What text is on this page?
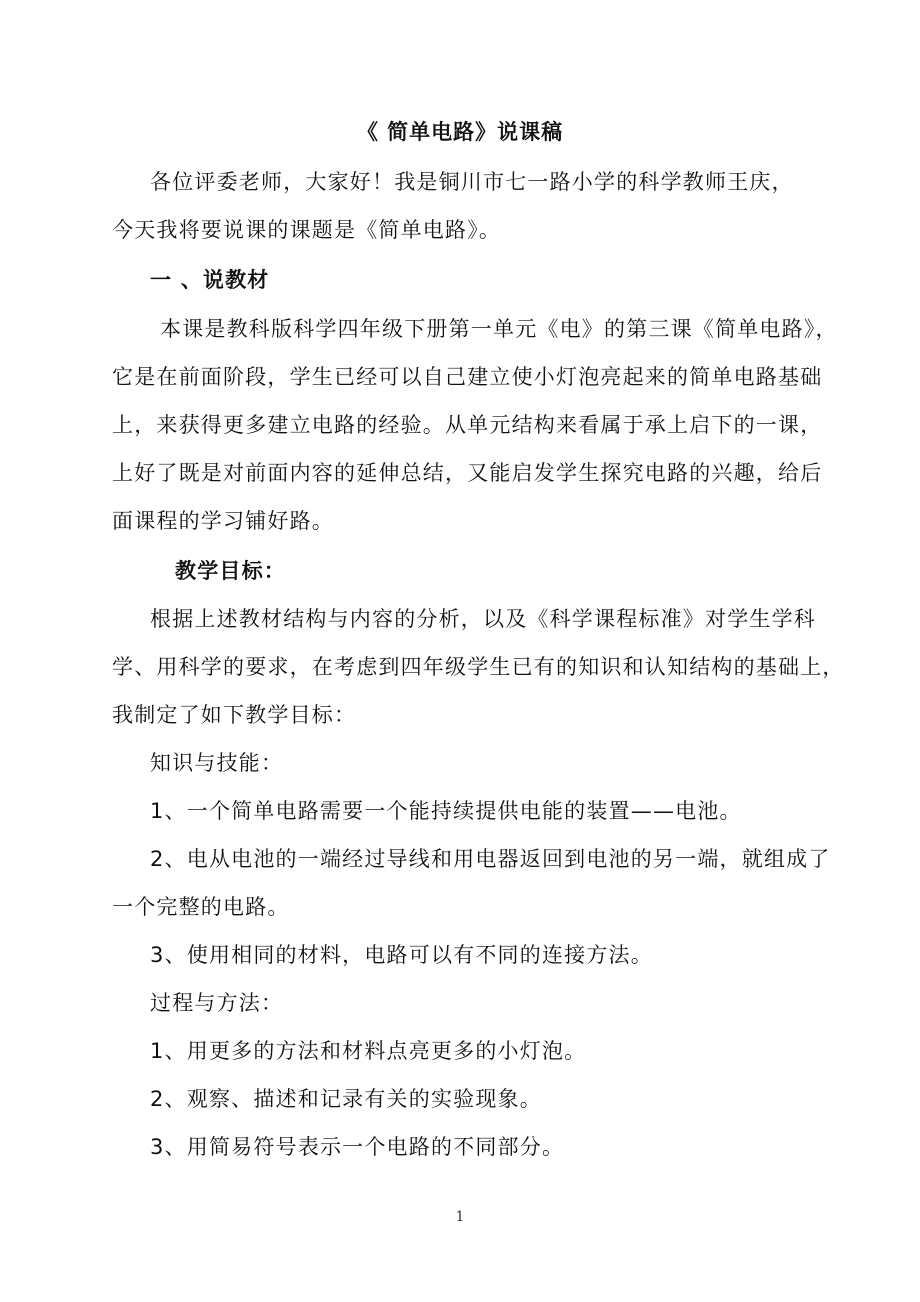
《 简单电路》说课稿
各位评委老师，大家好！我是铜川市七一路小学的科学教师王庆，
今天我将要说课的课题是《简单电路》。
一 、说教材
本课是教科版科学四年级下册第一单元《电》的第三课《简单电路》，
它是在前面阶段，学生已经可以自己建立使小灯泡亮起来的简单电路基础
上，来获得更多建立电路的经验。从单元结构来看属于承上启下的一课，
上好了既是对前面内容的延伸总结，又能启发学生探究电路的兴趣，给后
面课程的学习铺好路。
教学目标：
根据上述教材结构与内容的分析，以及《科学课程标准》对学生学科
学、用科学的要求，在考虑到四年级学生已有的知识和认知结构的基础上，
我制定了如下教学目标：
知识与技能：
1、一个简单电路需要一个能持续提供电能的装置——电池。
2、电从电池的一端经过导线和用电器返回到电池的另一端，就组成了
一个完整的电路。
3、使用相同的材料，电路可以有不同的连接方法。
过程与方法：
1、用更多的方法和材料点亮更多的小灯泡。
2、观察、描述和记录有关的实验现象。
3、用简易符号表示一个电路的不同部分。
1
